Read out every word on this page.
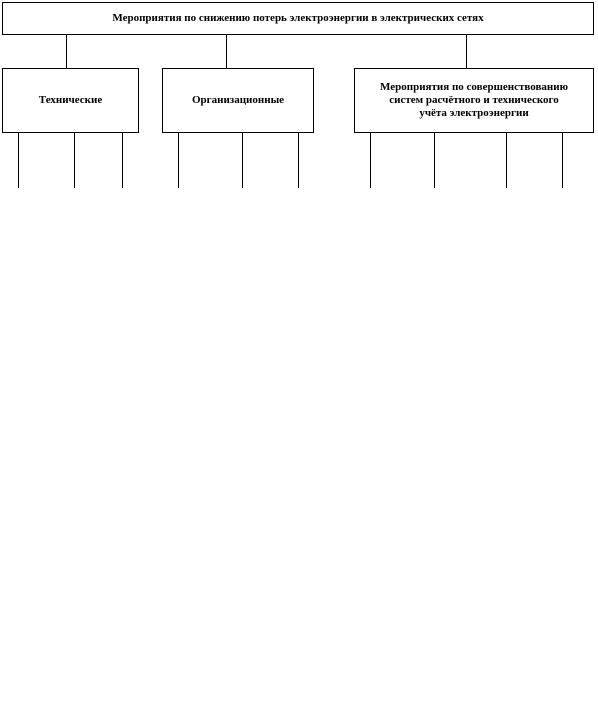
Мероприятия по снижению потерь электроэнергии в электрических сетях
Технические	Организационные
Мероприятия по совершенствованию
систем расчётного и технического
учёта электроэнергии
